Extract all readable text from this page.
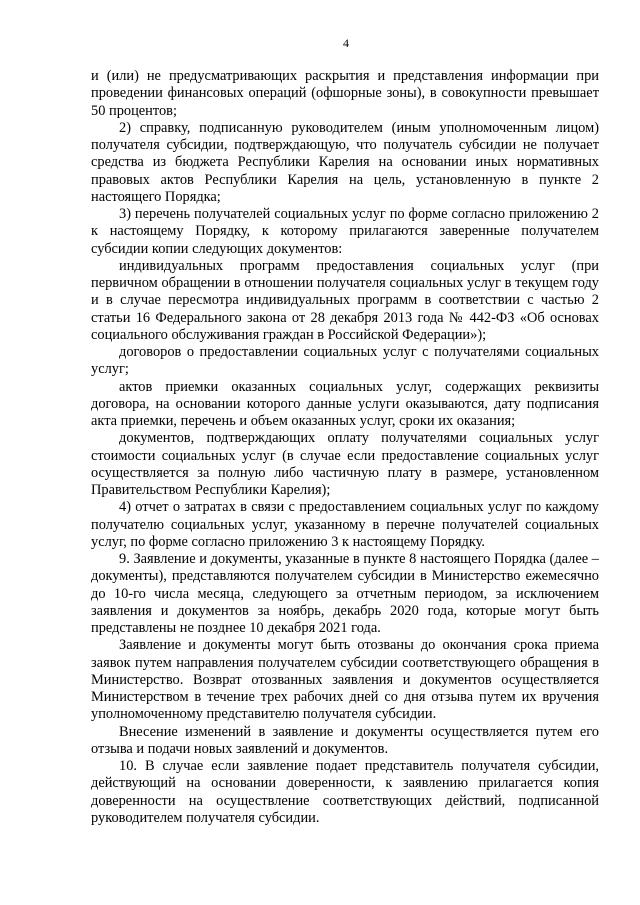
4

и (или) не предусматривающих раскрытия и представления информации при проведении финансовых операций (офшорные зоны), в совокупности превышает 50 процентов;

2) справку, подписанную руководителем (иным уполномоченным лицом) получателя субсидии, подтверждающую, что получатель субсидии не получает средства из бюджета Республики Карелия на основании иных нормативных правовых актов Республики Карелия на цель, установленную в пункте 2 настоящего Порядка;

3) перечень получателей социальных услуг по форме согласно приложению 2 к настоящему Порядку, к которому прилагаются заверенные получателем субсидии копии следующих документов:

индивидуальных программ предоставления социальных услуг (при первичном обращении в отношении получателя социальных услуг в текущем году и в случае пересмотра индивидуальных программ в соответствии с частью 2 статьи 16 Федерального закона от 28 декабря 2013 года № 442-ФЗ «Об основах социального обслуживания граждан в Российской Федерации»);

договоров о предоставлении социальных услуг с получателями социальных услуг;

актов приемки оказанных социальных услуг, содержащих реквизиты договора, на основании которого данные услуги оказываются, дату подписания акта приемки, перечень и объем оказанных услуг, сроки их оказания;

документов, подтверждающих оплату получателями социальных услуг стоимости социальных услуг (в случае если предоставление социальных услуг осуществляется за полную либо частичную плату в размере, установленном Правительством Республики Карелия);

4) отчет о затратах в связи с предоставлением социальных услуг по каждому получателю социальных услуг, указанному в перечне получателей социальных услуг, по форме согласно приложению 3 к настоящему Порядку.

9. Заявление и документы, указанные в пункте 8 настоящего Порядка (далее – документы), представляются получателем субсидии в Министерство ежемесячно до 10-го числа месяца, следующего за отчетным периодом, за исключением заявления и документов за ноябрь, декабрь 2020 года, которые могут быть представлены не позднее 10 декабря 2021 года.

Заявление и документы могут быть отозваны до окончания срока приема заявок путем направления получателем субсидии соответствующего обращения в Министерство. Возврат отозванных заявления и документов осуществляется Министерством в течение трех рабочих дней со дня отзыва путем их вручения уполномоченному представителю получателя субсидии.

Внесение изменений в заявление и документы осуществляется путем его отзыва и подачи новых заявлений и документов.

10. В случае если заявление подает представитель получателя субсидии, действующий на основании доверенности, к заявлению прилагается копия доверенности на осуществление соответствующих действий, подписанной руководителем получателя субсидии.
